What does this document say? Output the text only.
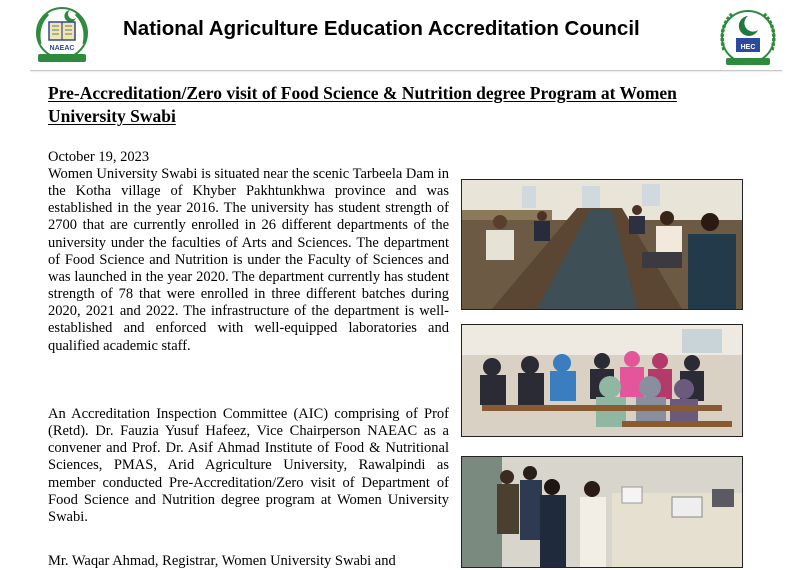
NAEAC
National Agriculture Education Accreditation Council
HEC
Pre-Accreditation/Zero visit of Food Science & Nutrition degree Program at Women University Swabi
October 19, 2023
Women University Swabi is situated near the scenic Tarbeela Dam in the Kotha village of Khyber Pakhtunkhwa province and was established in the year 2016. The university has student strength of 2700 that are currently enrolled in 26 different departments of the university under the faculties of Arts and Sciences. The department of Food Science and Nutrition is under the Faculty of Sciences and was launched in the year 2020. The department currently has student strength of 78 that were enrolled in three different batches during 2020, 2021 and 2022. The infrastructure of the department is well-established and enforced with well-equipped laboratories and qualified academic staff.
An Accreditation Inspection Committee (AIC) comprising of Prof (Retd). Dr. Fauzia Yusuf Hafeez, Vice Chairperson NAEAC as a convener and Prof. Dr. Asif Ahmad Institute of Food & Nutritional Sciences, PMAS, Arid Agriculture University, Rawalpindi as member conducted Pre-Accreditation/Zero visit of Department of Food Science and Nutrition degree program at Women University Swabi.
Mr. Waqar Ahmad, Registrar, Women University Swabi and
